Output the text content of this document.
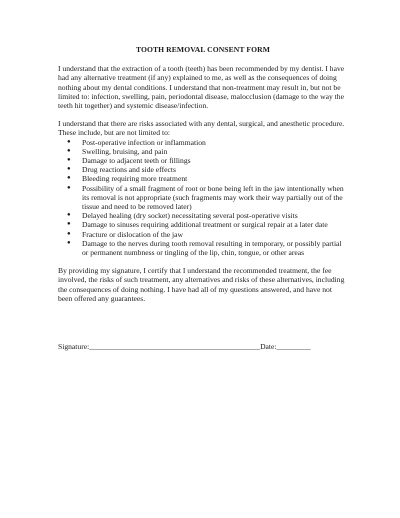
TOOTH REMOVAL CONSENT FORM

I understand that the extraction of a tooth (teeth) has been recommended by my dentist. I have had any alternative treatment (if any) explained to me, as well as the consequences of doing nothing about my dental conditions. I understand that non-treatment may result in, but not be limited to: infection, swelling, pain, periodontal disease, malocclusion (damage to the way the teeth hit together) and systemic disease/infection.

I understand that there are risks associated with any dental, surgical, and anesthetic procedure. These include, but are not limited to:

● Post-operative infection or inflammation
● Swelling, bruising, and pain
● Damage to adjacent teeth or fillings
● Drug reactions and side effects
● Bleeding requiring more treatment
● Possibility of a small fragment of root or bone being left in the jaw intentionally when its removal is not appropriate (such fragments may work their way partially out of the tissue and need to be removed later)
● Delayed healing (dry socket) necessitating several post-operative visits
● Damage to sinuses requiring additional treatment or surgical repair at a later date
● Fracture or dislocation of the jaw
● Damage to the nerves during tooth removal resulting in temporary, or possibly partial or permanent numbness or tingling of the lip, chin, tongue, or other areas

By providing my signature, I certify that I understand the recommended treatment, the fee involved, the risks of such treatment, any alternatives and risks of these alternatives, including the consequences of doing nothing. I have had all of my questions answered, and have not been offered any guarantees.

Signature:_____________________________________________Date:_________
